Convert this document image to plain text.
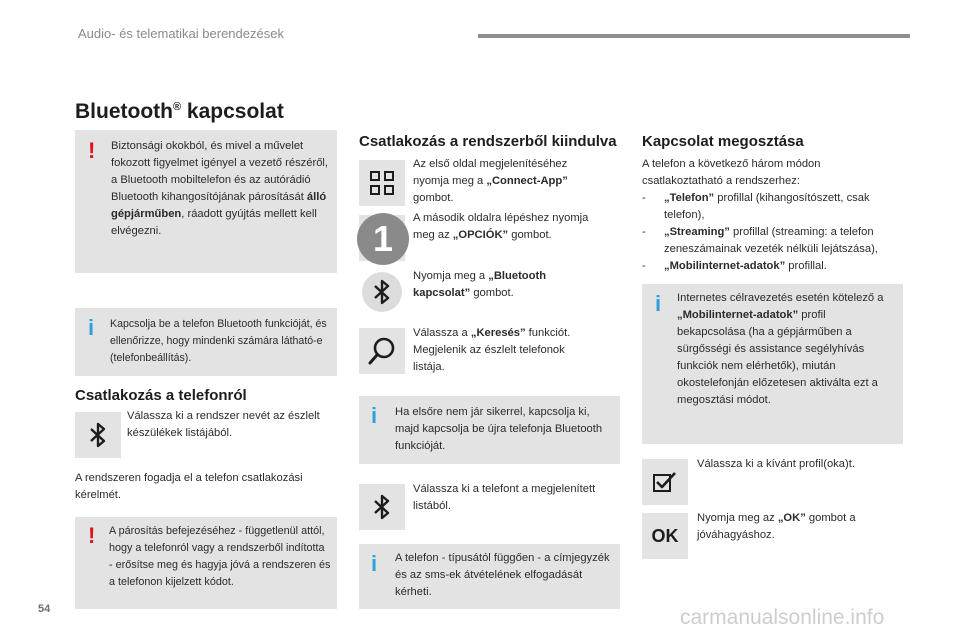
Audio- és telematikai berendezések
Bluetooth® kapcsolat
! Biztonsági okokból, és mivel a művelet fokozott figyelmet igényel a vezető részéről, a Bluetooth mobiltelefon és az autórádió Bluetooth kihangosítójának párosítását álló gépjárműben, ráadott gyújtás mellett kell elvégezni.
i Kapcsolja be a telefon Bluetooth funkcióját, és ellenőrizze, hogy mindenki számára látható-e (telefonbeállítás).
Csatlakozás a telefonról
Válassza ki a rendszer nevét az észlelt készülékek listájából.
A rendszeren fogadja el a telefon csatlakozási kérelmét.
! A párosítás befejezéséhez - függetlenül attól, hogy a telefonról vagy a rendszerből indította - erősítse meg és hagyja jóvá a rendszeren és a telefonon kijelzett kódot.
Csatlakozás a rendszerből kiindulva
Az első oldal megjelenítéséhez nyomja meg a „Connect-App” gombot.
A második oldalra lépéshez nyomja meg az „OPCIÓK” gombot.
1
Nyomja meg a „Bluetooth kapcsolat” gombot.
Válassza a „Keresés” funkciót. Megjelenik az észlelt telefonok listája.
i Ha elsőre nem jár sikerrel, kapcsolja ki, majd kapcsolja be újra telefonja Bluetooth funkcióját.
Válassza ki a telefont a megjelenített listából.
i A telefon - típusától függően - a címjegyzék és az sms-ek átvételének elfogadását kérheti.
Kapcsolat megosztása
A telefon a következő három módon csatlakoztatható a rendszerhez:
-	„Telefon” profillal (kihangosítószett, csak telefon),
-	„Streaming” profillal (streaming: a telefon zeneszámainak vezeték nélküli lejátszása),
-	„Mobilinternet-adatok” profillal.
i Internetes célravezetés esetén kötelező a „Mobilinternet-adatok” profil bekapcsolása (ha a gépjárműben a sürgősségi és assistance segélyhívás funkciók nem elérhetők), miután okostelefonján előzetesen aktiválta ezt a megosztási módot.
Válassza ki a kívánt profil(oka)t.
OK
Nyomja meg az „OK” gombot a jóváhagyáshoz.
54	carmanualsonline.info
